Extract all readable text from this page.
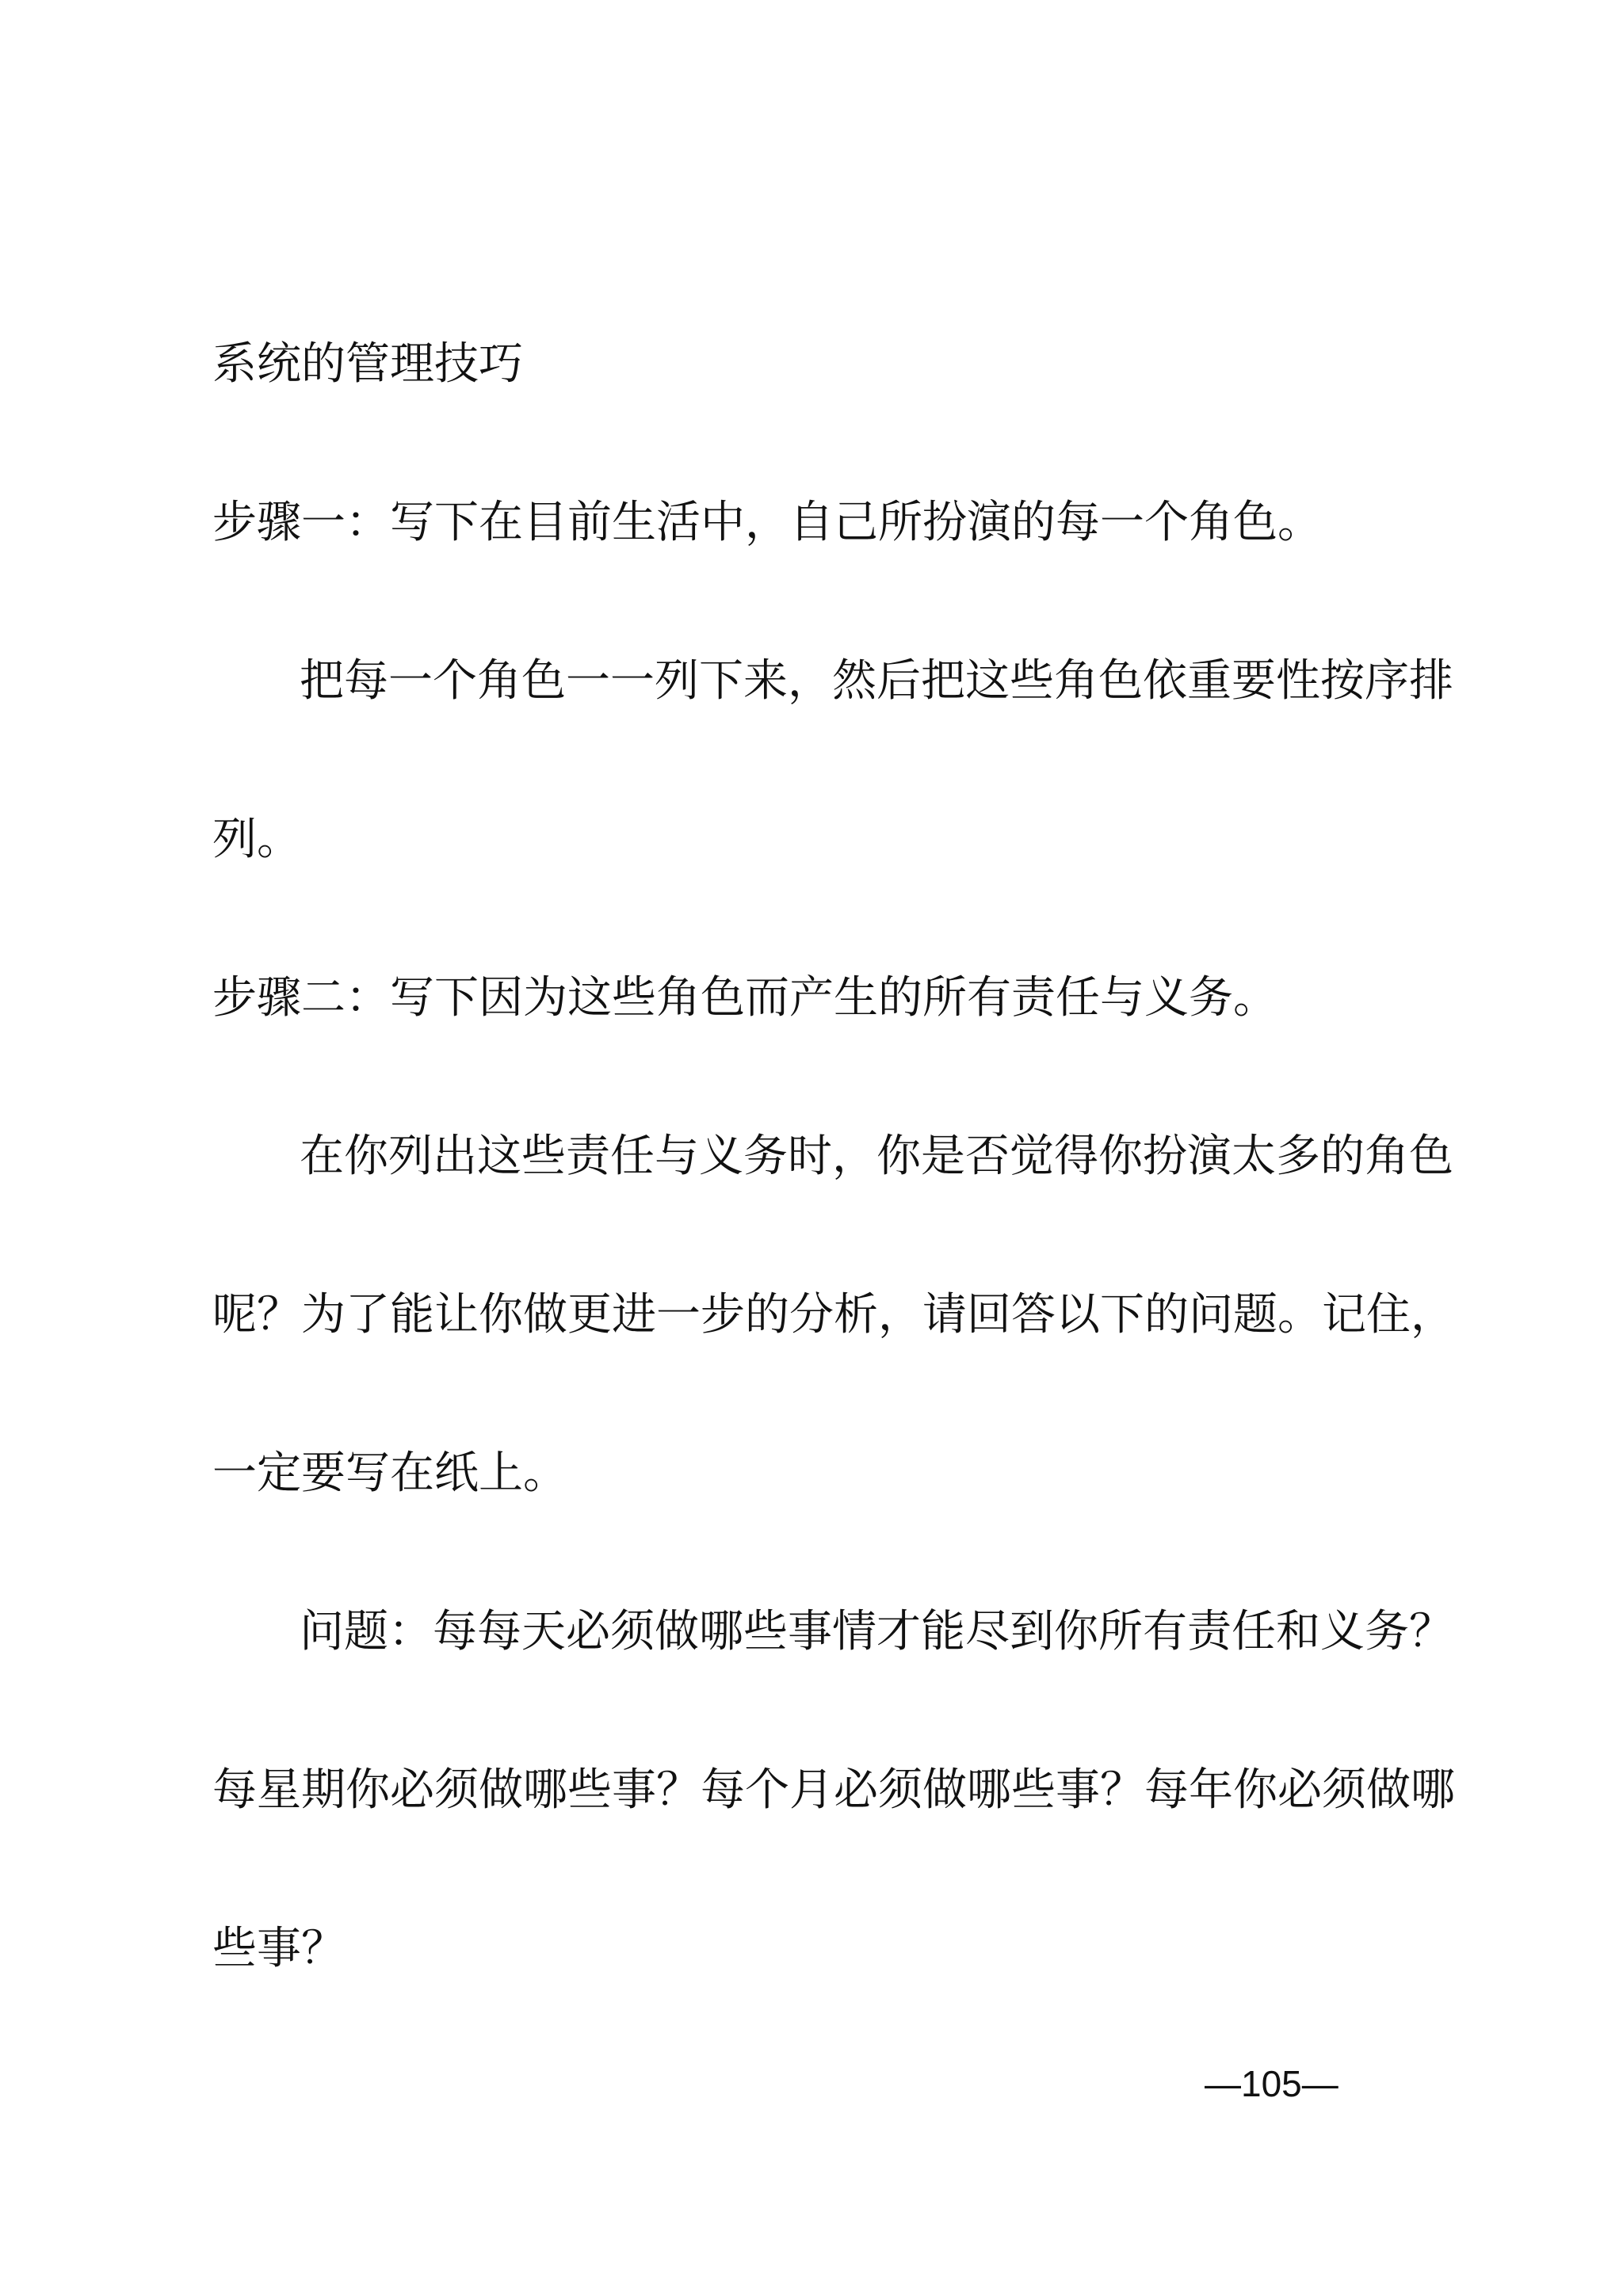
系统的管理技巧

步骤一：写下在目前生活中，自己所扮演的每一个角色。

把每一个角色一一列下来，然后把这些角色依重要性按序排

列。

步骤二：写下因为这些角色而产生的所有责任与义务。

在你列出这些责任与义务时，你是否觉得你扮演太多的角色

呢？为了能让你做更进一步的分析，请回答以下的问题。记住，

一定要写在纸上。

问题：每每天必须做哪些事情才能尽到你所有责任和义务？

每星期你必须做哪些事？每个月必须做哪些事？每年你必须做哪

些事？

—105—
